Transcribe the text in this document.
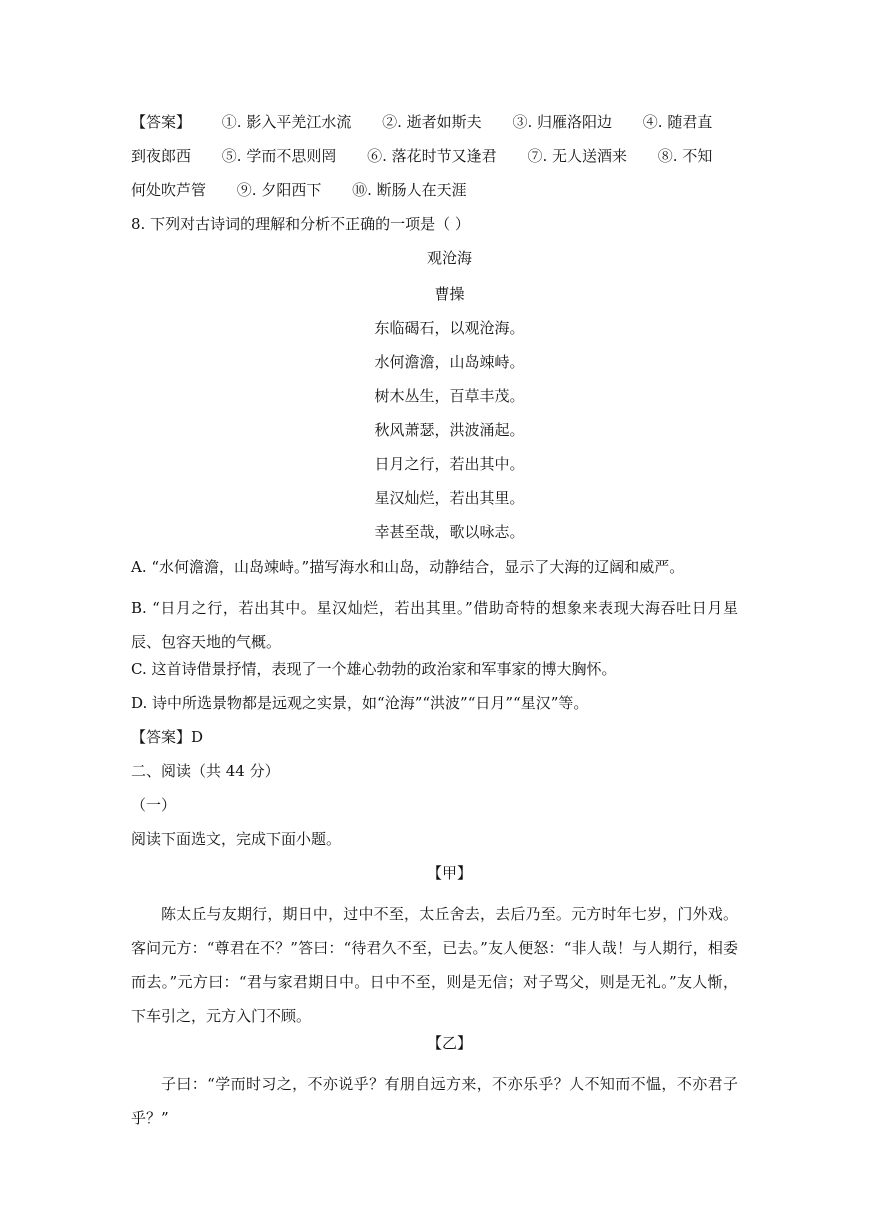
【答案】 ①. 影入平羌江水流 ②. 逝者如斯夫 ③. 归雁洛阳边 ④. 随君直
到夜郎西 ⑤. 学而不思则罔 ⑥. 落花时节又逢君 ⑦. 无人送酒来 ⑧. 不知
何处吹芦管 ⑨. 夕阳西下 ⑩. 断肠人在天涯
8. 下列对古诗词的理解和分析不正确的一项是（ ）
观沧海
曹操
东临碣石，以观沧海。
水何澹澹，山岛竦峙。
树木丛生，百草丰茂。
秋风萧瑟，洪波涌起。
日月之行，若出其中。
星汉灿烂，若出其里。
幸甚至哉，歌以咏志。
A. “水何澹澹，山岛竦峙。”描写海水和山岛，动静结合，显示了大海的辽阔和威严。
B. “日月之行，若出其中。星汉灿烂，若出其里。”借助奇特的想象来表现大海吞吐日月星辰、包容天地的气概。
C. 这首诗借景抒情，表现了一个雄心勃勃的政治家和军事家的博大胸怀。
D. 诗中所选景物都是远观之实景，如“沧海”“洪波”“日月”“星汉”等。
【答案】D
二、阅读（共 44 分）
（一）
阅读下面选文，完成下面小题。
【甲】
陈太丘与友期行，期日中，过中不至，太丘舍去，去后乃至。元方时年七岁，门外戏。客问元方：“尊君在不？”答曰：“待君久不至，已去。”友人便怒：“非人哉！与人期行，相委而去。”元方曰：“君与家君期日中。日中不至，则是无信；对子骂父，则是无礼。”友人惭，下车引之，元方入门不顾。
【乙】
子曰：“学而时习之，不亦说乎？有朋自远方来，不亦乐乎？人不知而不愠，不亦君子乎？”
